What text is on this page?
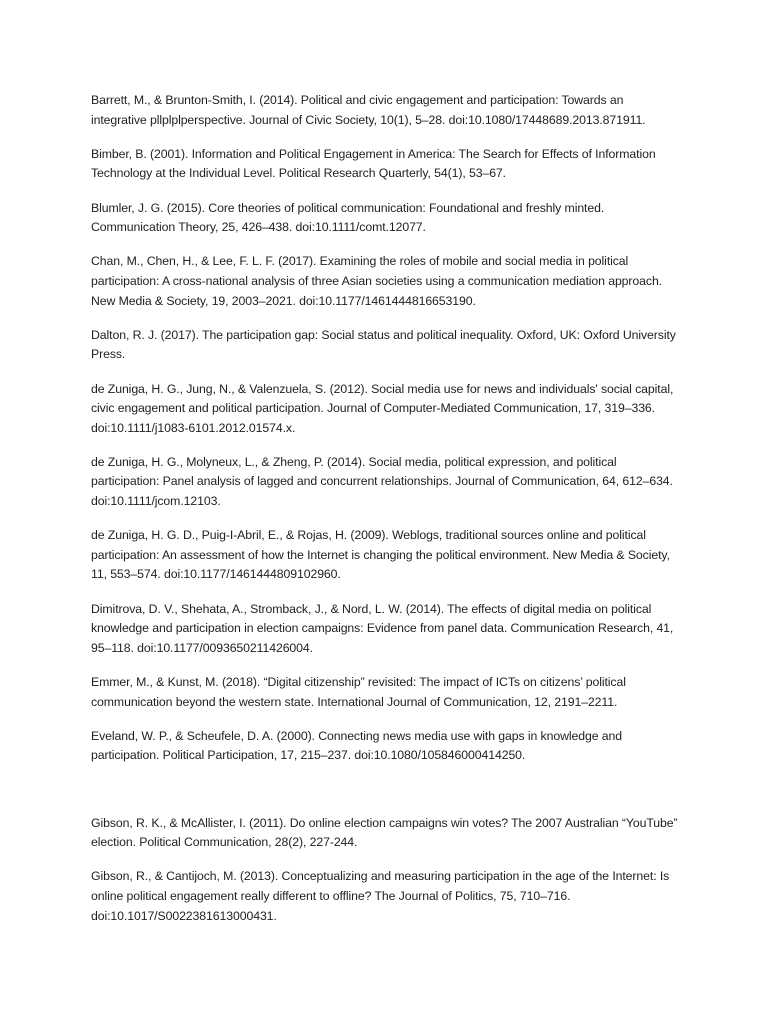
Barrett, M., & Brunton-Smith, I. (2014). Political and civic engagement and participation: Towards an integrative pllplplperspective. Journal of Civic Society, 10(1), 5–28. doi:10.1080/17448689.2013.871911.

Bimber, B. (2001). Information and Political Engagement in America: The Search for Effects of Information Technology at the Individual Level. Political Research Quarterly, 54(1), 53–67.

Blumler, J. G. (2015). Core theories of political communication: Foundational and freshly minted. Communication Theory, 25, 426–438. doi:10.1111/comt.12077.

Chan, M., Chen, H., & Lee, F. L. F. (2017). Examining the roles of mobile and social media in political participation: A cross-national analysis of three Asian societies using a communication mediation approach. New Media & Society, 19, 2003–2021. doi:10.1177/1461444816653190.

Dalton, R. J. (2017). The participation gap: Social status and political inequality. Oxford, UK: Oxford University Press.

de Zuniga, H. G., Jung, N., & Valenzuela, S. (2012). Social media use for news and individuals' social capital, civic engagement and political participation. Journal of Computer-Mediated Communication, 17, 319–336. doi:10.1111/j1083-6101.2012.01574.x.

de Zuniga, H. G., Molyneux, L., & Zheng, P. (2014). Social media, political expression, and political participation: Panel analysis of lagged and concurrent relationships. Journal of Communication, 64, 612–634. doi:10.1111/jcom.12103.

de Zuniga, H. G. D., Puig-I-Abril, E., & Rojas, H. (2009). Weblogs, traditional sources online and political participation: An assessment of how the Internet is changing the political environment. New Media & Society, 11, 553–574. doi:10.1177/1461444809102960.

Dimitrova, D. V., Shehata, A., Stromback, J., & Nord, L. W. (2014). The effects of digital media on political knowledge and participation in election campaigns: Evidence from panel data. Communication Research, 41, 95–118. doi:10.1177/0093650211426004.

Emmer, M., & Kunst, M. (2018). “Digital citizenship” revisited: The impact of ICTs on citizens’ political communication beyond the western state. International Journal of Communication, 12, 2191–2211.

Eveland, W. P., & Scheufele, D. A. (2000). Connecting news media use with gaps in knowledge and participation. Political Participation, 17, 215–237. doi:10.1080/105846000414250.

Gibson, R. K., & McAllister, I. (2011). Do online election campaigns win votes? The 2007 Australian “YouTube” election. Political Communication, 28(2), 227-244.

Gibson, R., & Cantijoch, M. (2013). Conceptualizing and measuring participation in the age of the Internet: Is online political engagement really different to offline? The Journal of Politics, 75, 710–716. doi:10.1017/S0022381613000431.
